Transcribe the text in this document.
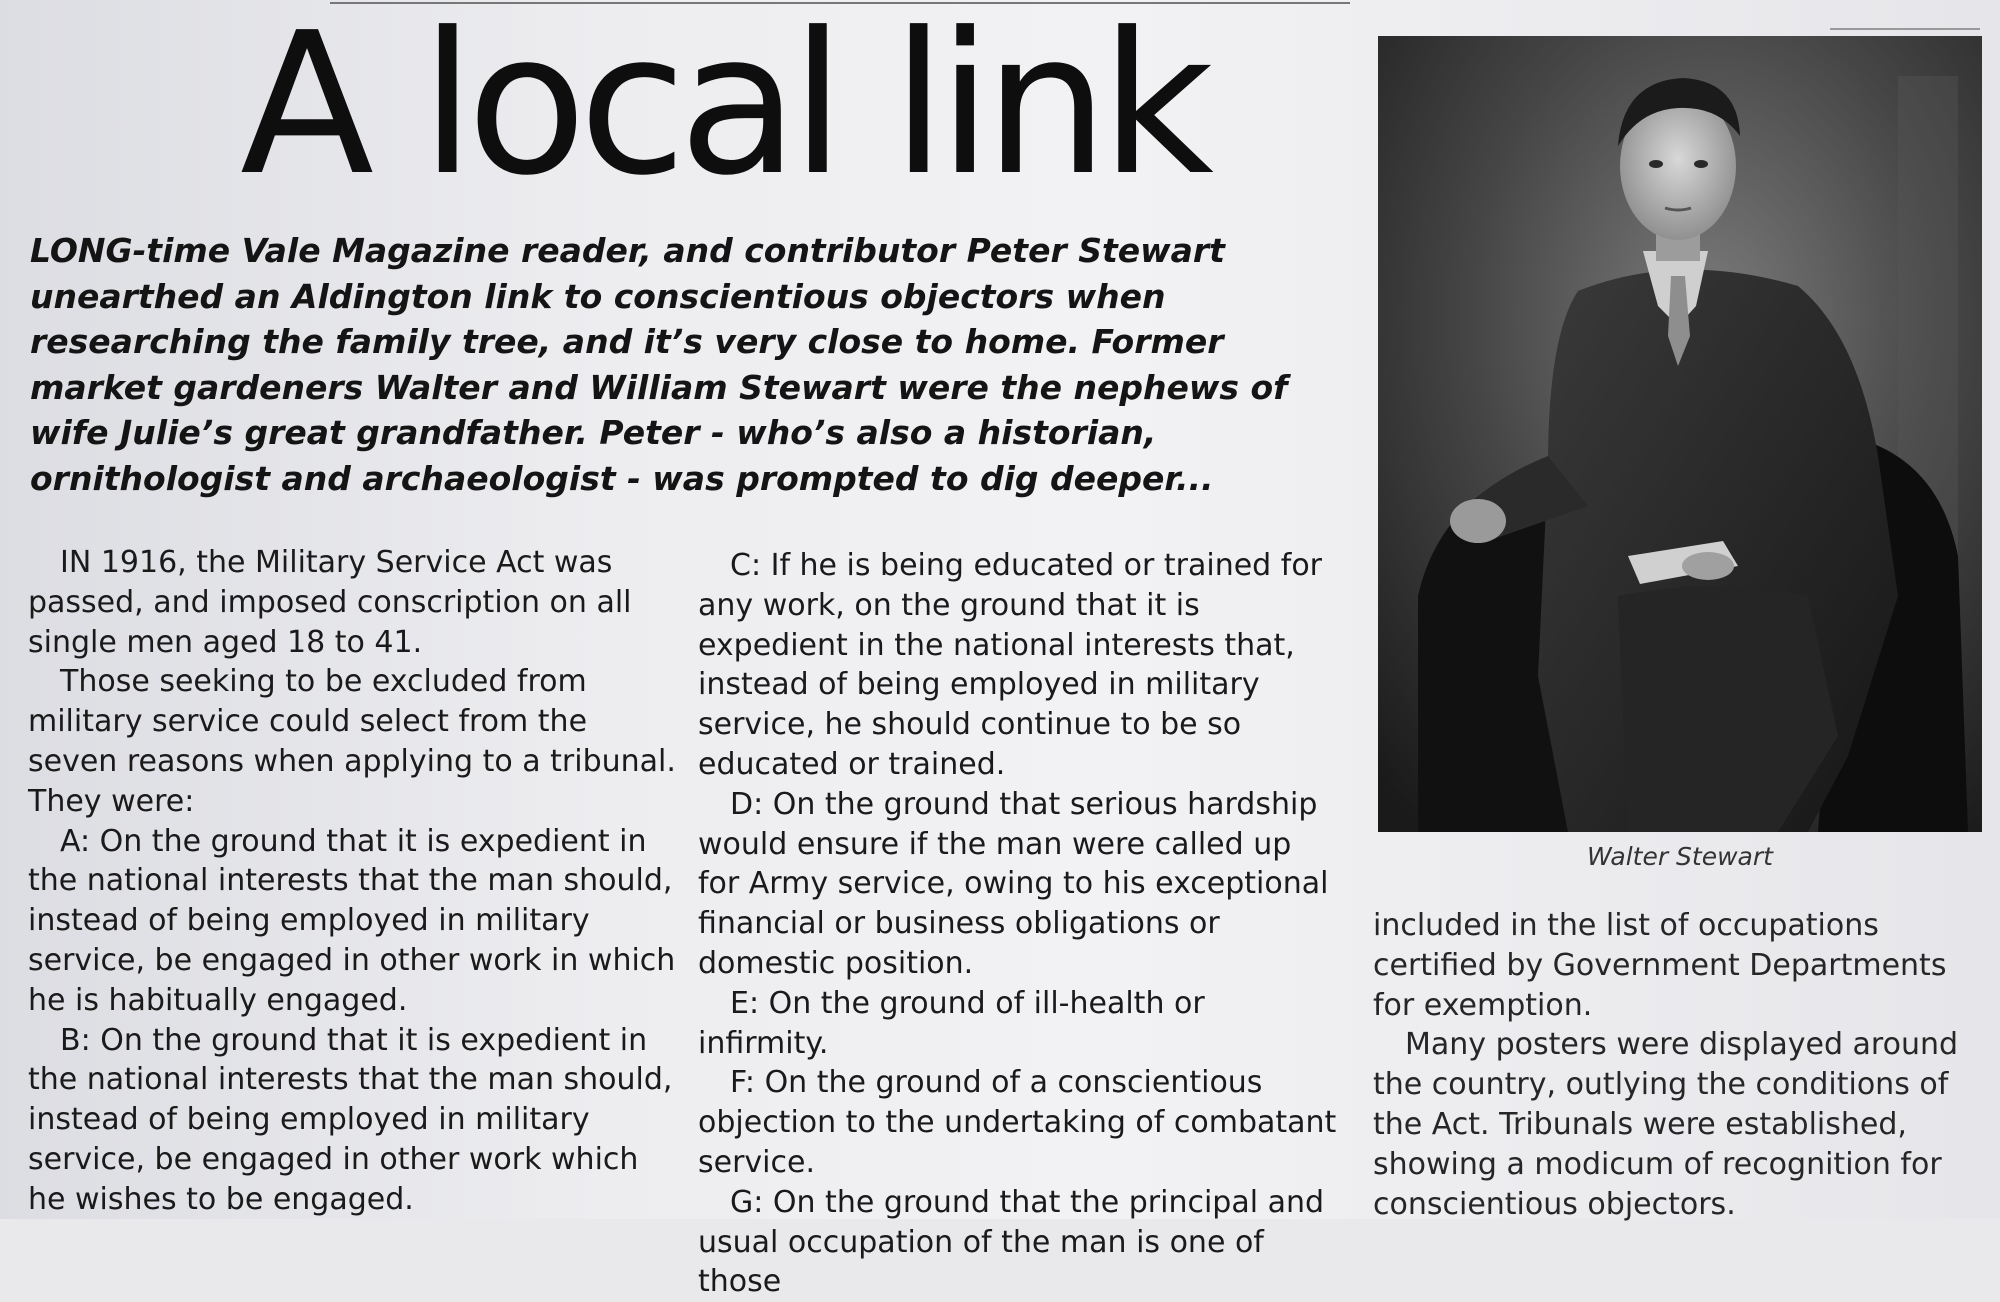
A local link
LONG-time Vale Magazine reader, and contributor Peter Stewart unearthed an Aldington link to conscientious objectors when researching the family tree, and it’s very close to home. Former market gardeners Walter and William Stewart were the nephews of wife Julie’s great grandfather. Peter - who’s also a historian, ornithologist and archaeologist - was prompted to dig deeper...

IN 1916, the Military Service Act was passed, and imposed conscription on all single men aged 18 to 41.

Those seeking to be excluded from military service could select from the seven reasons when applying to a tribunal. They were:

A: On the ground that it is expedient in the national interests that the man should, instead of being employed in military service, be engaged in other work in which he is habitually engaged.

B: On the ground that it is expedient in the national interests that the man should, instead of being employed in military service, be engaged in other work which he wishes to be engaged.

C: If he is being educated or trained for any work, on the ground that it is expedient in the national interests that, instead of being employed in military service, he should continue to be so educated or trained.

D: On the ground that serious hardship would ensure if the man were called up for Army service, owing to his exceptional financial or business obligations or domestic position.

E: On the ground of ill-health or infirmity.

F: On the ground of a conscientious objection to the undertaking of combatant service.

G: On the ground that the principal and usual occupation of the man is one of those

Walter Stewart

included in the list of occupations certified by Government Departments for exemption.

Many posters were displayed around the country, outlying the conditions of the Act. Tribunals were established, showing a modicum of recognition for conscientious objectors.
